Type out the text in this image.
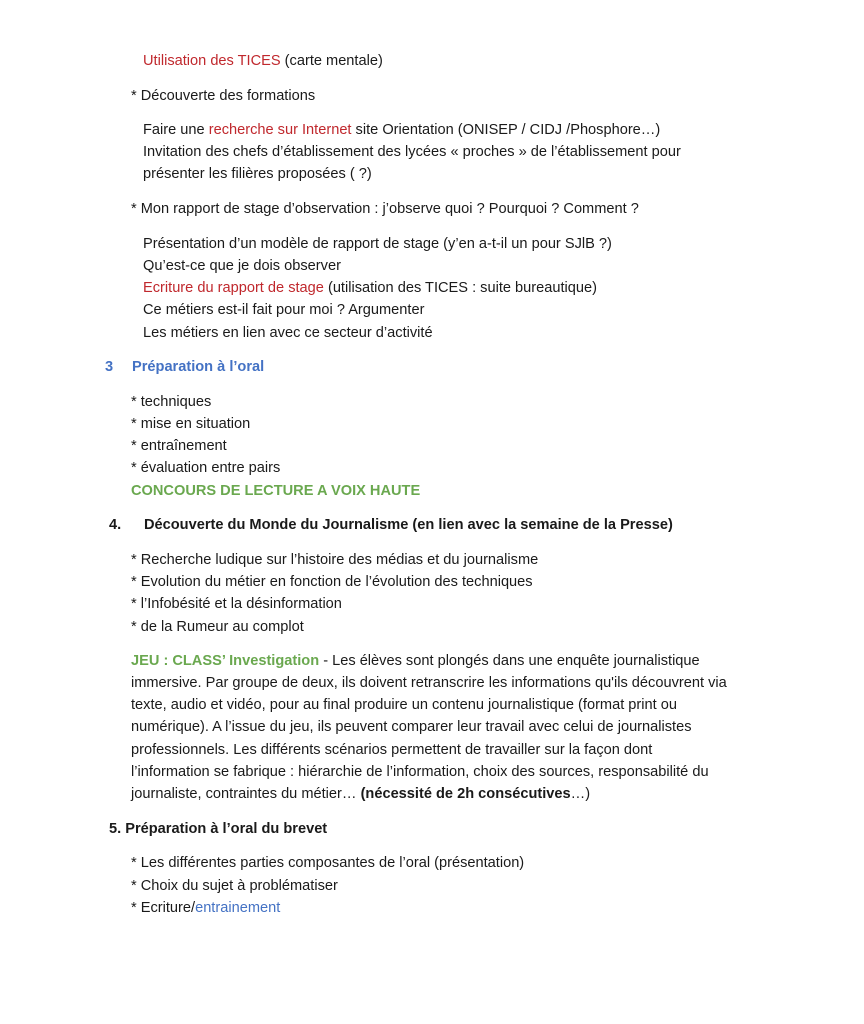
Utilisation des TICES (carte mentale)
* Découverte des formations
Faire une recherche sur Internet site Orientation (ONISEP / CIDJ /Phosphore…)
Invitation des chefs d’établissement des lycées « proches » de l’établissement pour
présenter les filières proposées ( ?)
* Mon rapport de stage d’observation : j’observe quoi ? Pourquoi ? Comment ?
Présentation d’un modèle de rapport de stage (y’en a-t-il un pour SJlB ?)
Qu’est-ce que je dois observer
Ecriture du rapport de stage (utilisation des TICES : suite bureautique)
Ce métiers est-il fait pour moi ? Argumenter
Les métiers en lien avec ce secteur d’activité
3 Préparation à l’oral
* techniques
* mise en situation
* entraînement
* évaluation entre pairs
CONCOURS DE LECTURE A VOIX HAUTE
4. Découverte du Monde du Journalisme (en lien avec la semaine de la Presse)
* Recherche ludique sur l’histoire des médias et du journalisme
* Evolution du métier en fonction de l’évolution des techniques
* l’Infobésité et la désinformation
* de la Rumeur au complot
JEU : CLASS’ Investigation - Les élèves sont plongés dans une enquête journalistique
immersive. Par groupe de deux, ils doivent retranscrire les informations qu'ils découvrent via
texte, audio et vidéo, pour au final produire un contenu journalistique (format print ou
numérique). A l’issue du jeu, ils peuvent comparer leur travail avec celui de journalistes
professionnels. Les différents scénarios permettent de travailler sur la façon dont
l’information se fabrique : hiérarchie de l’information, choix des sources, responsabilité du
journaliste, contraintes du métier… (nécessité de 2h consécutives…)
5. Préparation à l’oral du brevet
* Les différentes parties composantes de l’oral (présentation)
* Choix du sujet à problématiser
* Ecriture/entrainement
